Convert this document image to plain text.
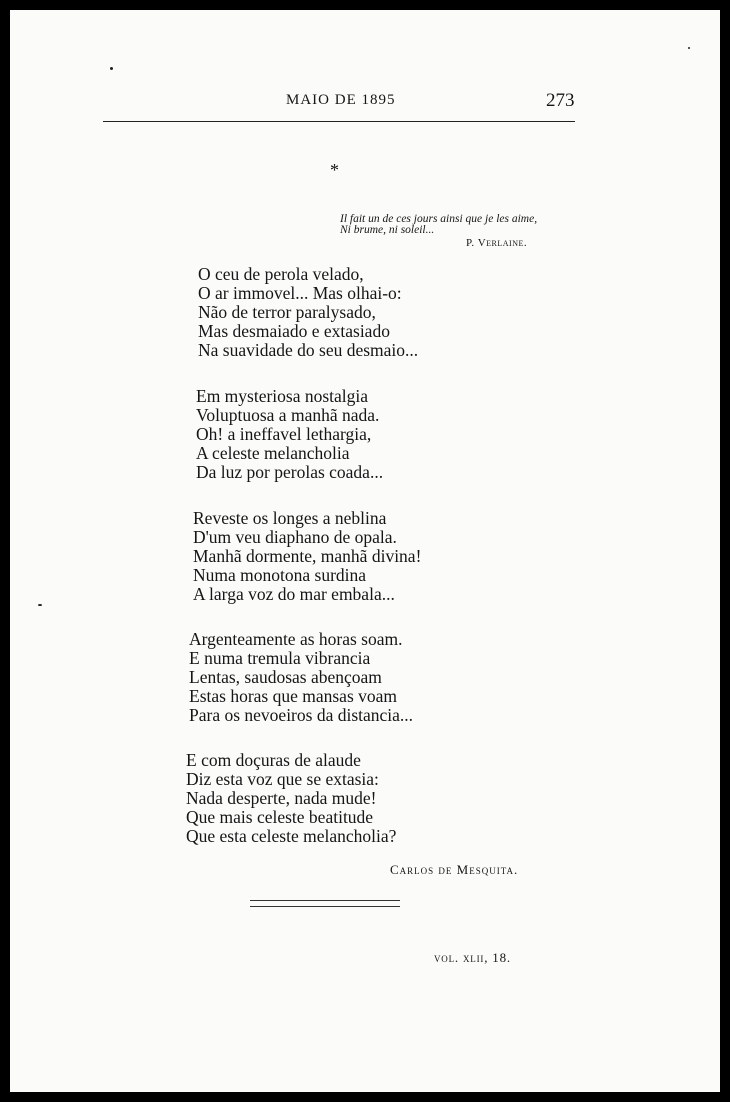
MAIO DE 1895	273
*
Il fait un de ces jours ainsi que je les aime,
Ni brume, ni soleil...
P. Verlaine.
O ceu de perola velado,
O ar immovel... Mas olhai-o:
Não de terror paralysado,
Mas desmaiado e extasiado
Na suavidade do seu desmaio...
Em mysteriosa nostalgia
Voluptuosa a manhã nada.
Oh! a ineffavel lethargia,
A celeste melancholia
Da luz por perolas coada...
Reveste os longes a neblina
D'um veu diaphano de opala.
Manhã dormente, manhã divina!
Numa monotona surdina
A larga voz do mar embala...
Argenteamente as horas soam.
E numa tremula vibrancia
Lentas, saudosas abençoam
Estas horas que mansas voam
Para os nevoeiros da distancia...
E com doçuras de alaude
Diz esta voz que se extasia:
Nada desperte, nada mude!
Que mais celeste beatitude
Que esta celeste melancholia?
Carlos de Mesquita.
vol. xlii, 18.
